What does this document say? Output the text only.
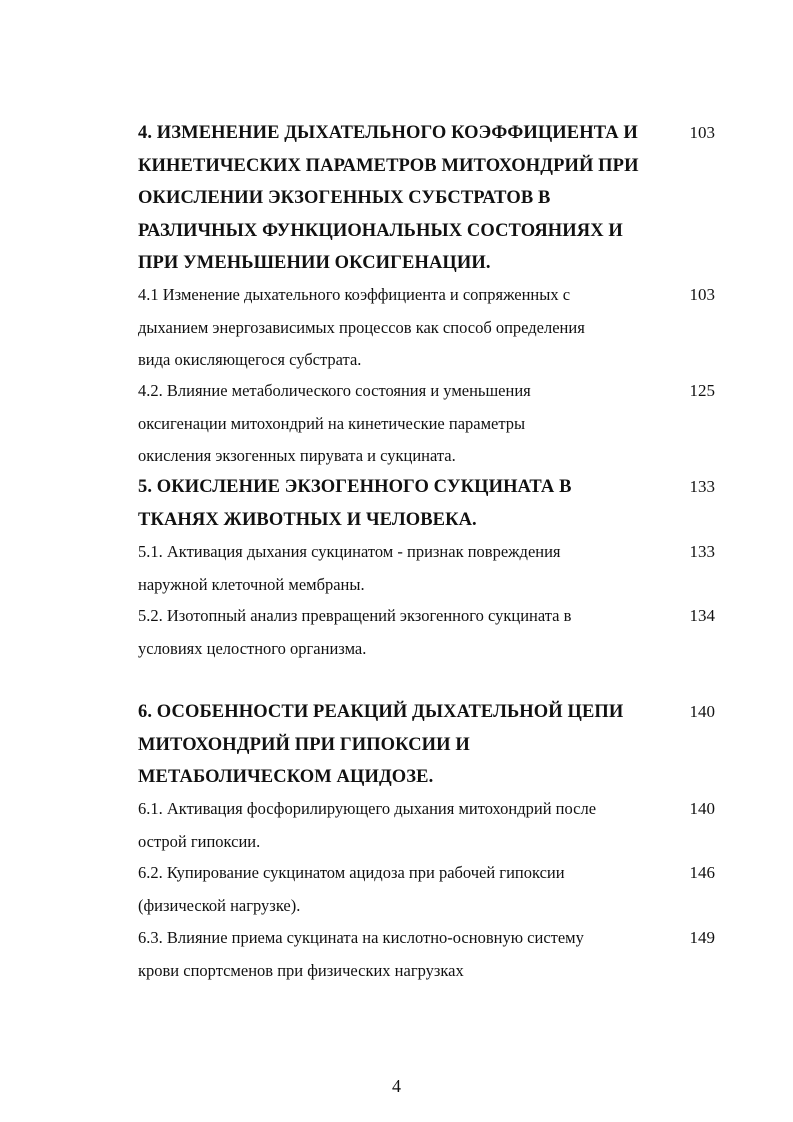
4. ИЗМЕНЕНИЕ ДЫХАТЕЛЬНОГО КОЭФФИЦИЕНТА И
КИНЕТИЧЕСКИХ ПАРАМЕТРОВ МИТОХОНДРИЙ ПРИ
ОКИСЛЕНИИ ЭКЗОГЕННЫХ СУБСТРАТОВ В
РАЗЛИЧНЫХ ФУНКЦИОНАЛЬНЫХ СОСТОЯНИЯХ И
ПРИ УМЕНЬШЕНИИ ОКСИГЕНАЦИИ.
103
4.1 Изменение дыхательного коэффициента и сопряженных с
дыханием энергозависимых процессов как способ определения
вида окисляющегося субстрата.
103
4.2. Влияние метаболического состояния и уменьшения
оксигенации митохондрий на кинетические параметры
окисления экзогенных пирувата и сукцината.
125
5. ОКИСЛЕНИЕ ЭКЗОГЕННОГО СУКЦИНАТА В
ТКАНЯХ ЖИВОТНЫХ И ЧЕЛОВЕКА.
133
5.1. Активация дыхания сукцинатом - признак повреждения
наружной клеточной мембраны.
133
5.2. Изотопный анализ превращений экзогенного сукцината в
условиях целостного организма.
134
6. ОСОБЕННОСТИ РЕАКЦИЙ ДЫХАТЕЛЬНОЙ ЦЕПИ
МИТОХОНДРИЙ ПРИ ГИПОКСИИ И
МЕТАБОЛИЧЕСКОМ АЦИДОЗЕ.
140
6.1. Активация фосфорилирующего дыхания митохондрий после
острой гипоксии.
140
6.2. Купирование сукцинатом ацидоза при рабочей гипоксии
(физической нагрузке).
146
6.3. Влияние приема сукцината на кислотно-основную систему
крови спортсменов при физических нагрузках
149
4
